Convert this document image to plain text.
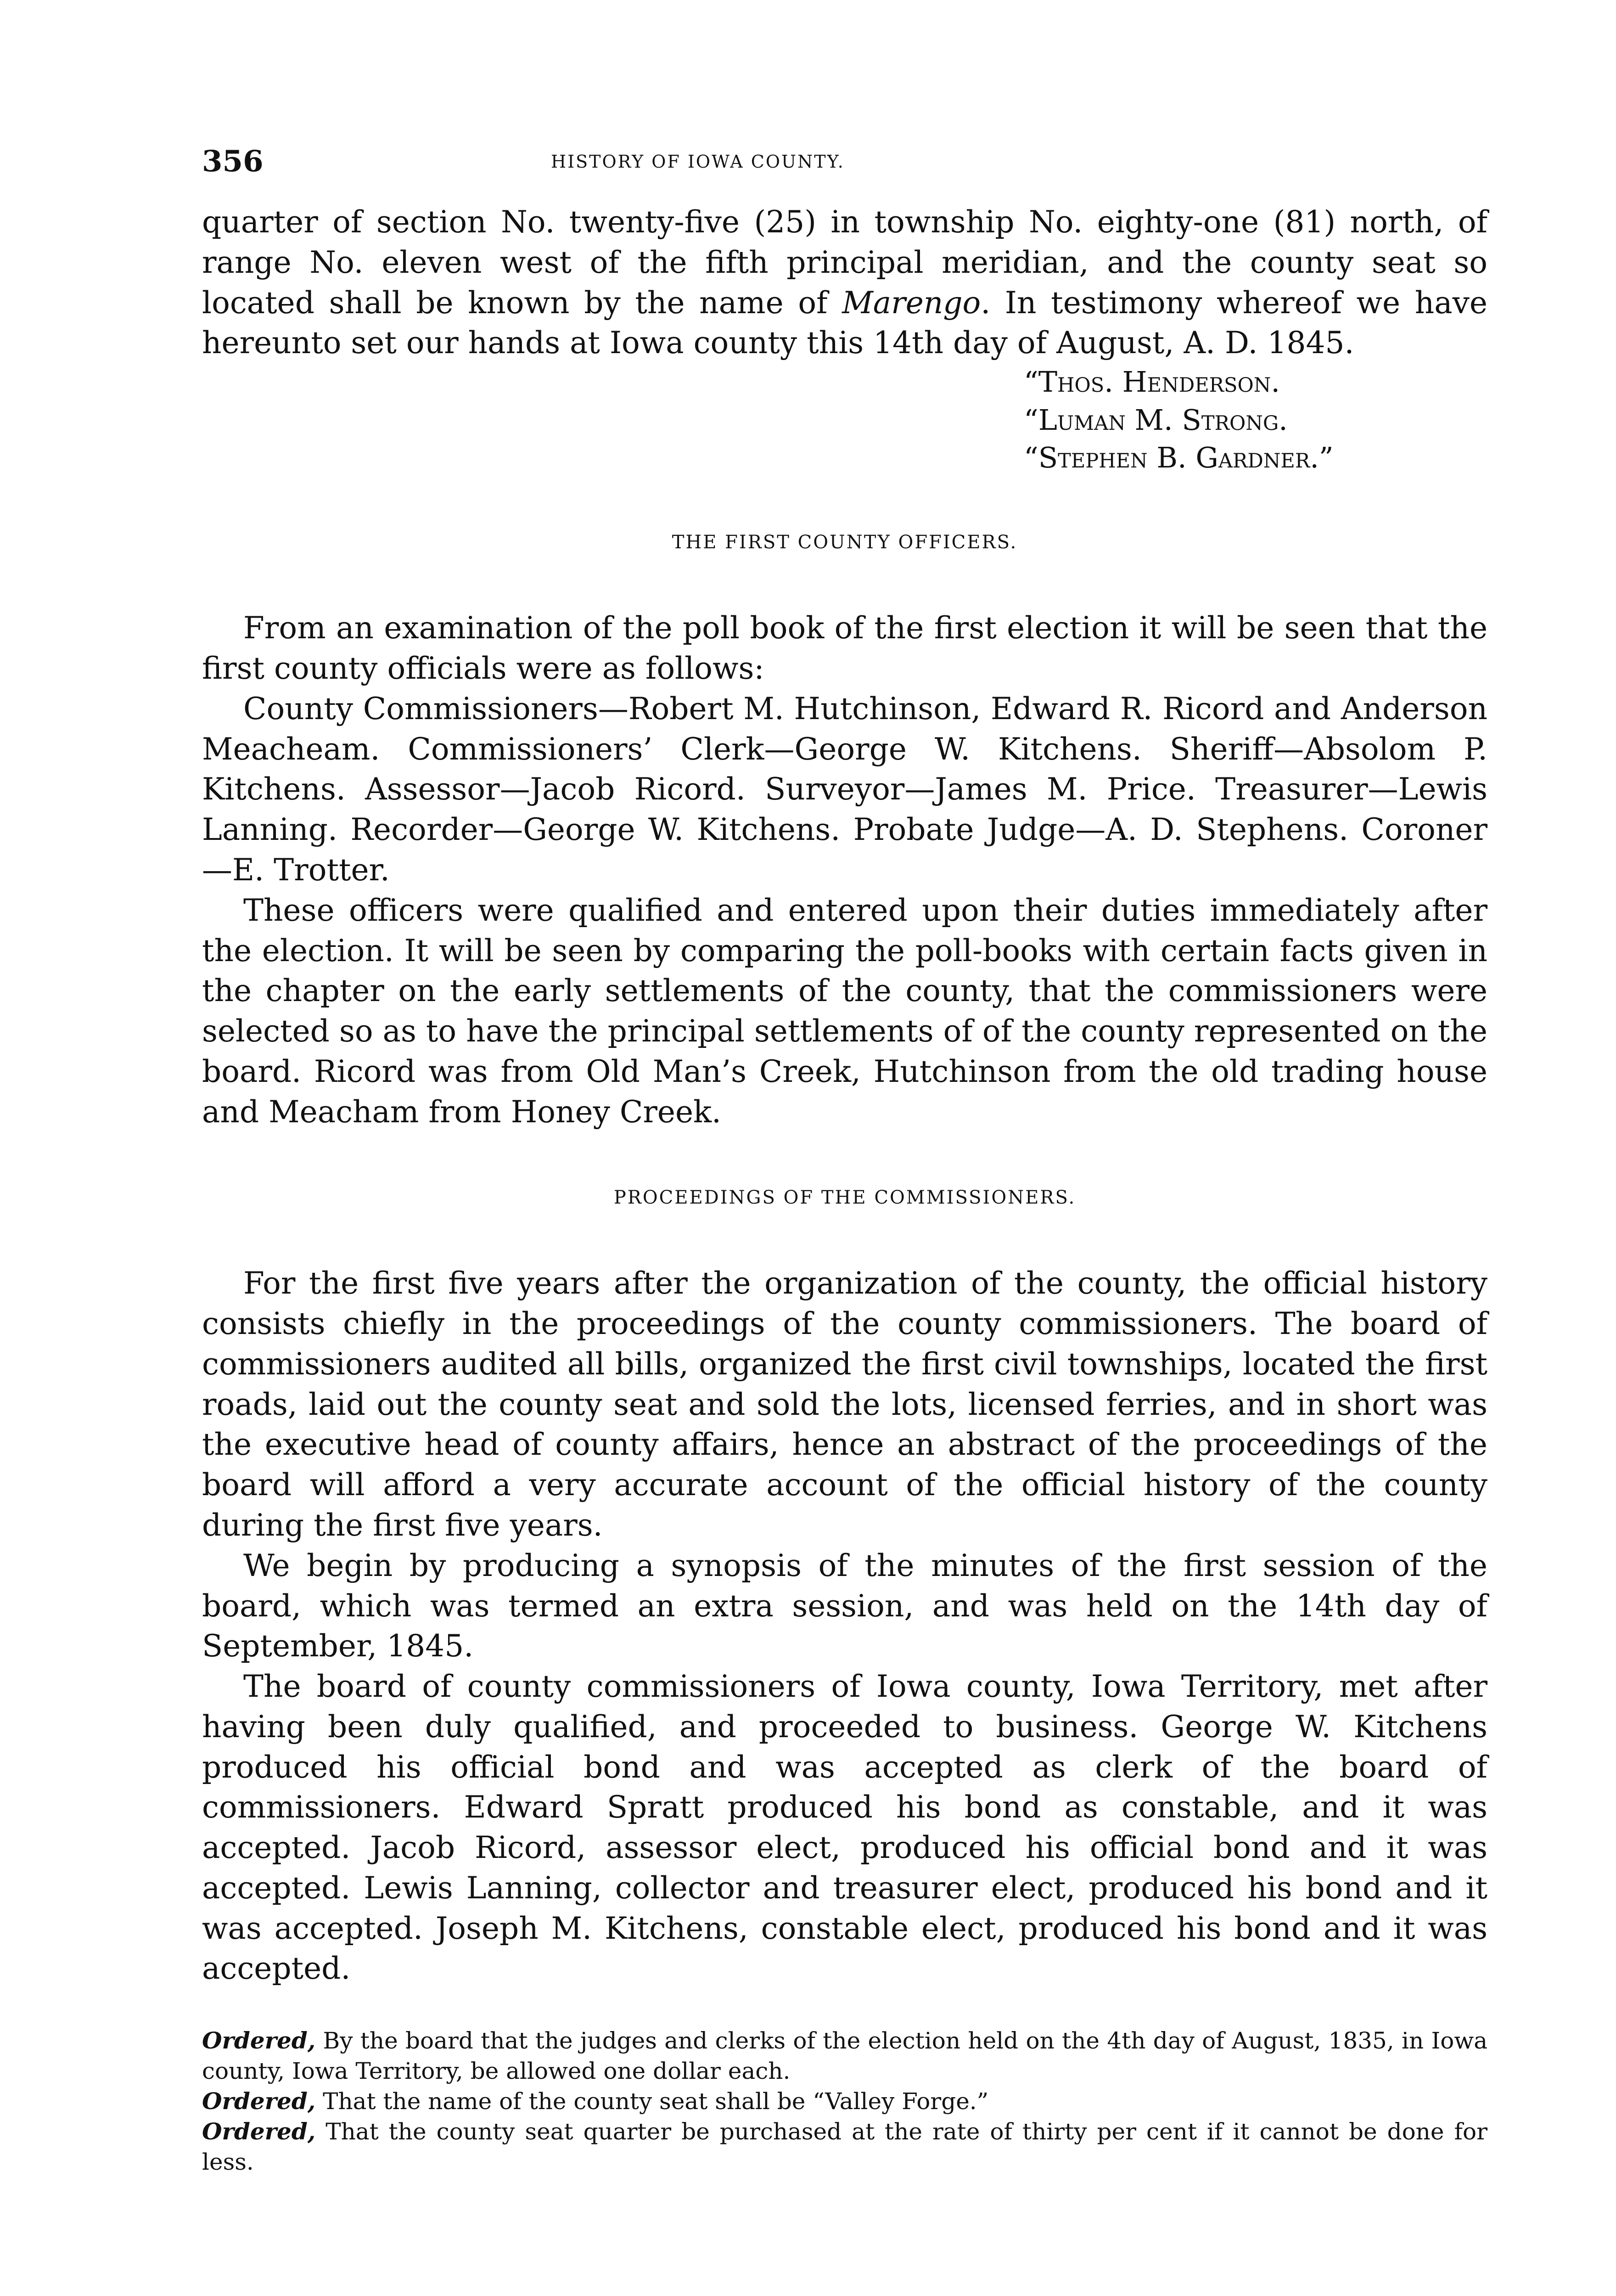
356	HISTORY OF IOWA COUNTY.

quarter of section No. twenty-five (25) in township No. eighty-one (81) north, of range No. eleven west of the fifth principal meridian, and the county seat so located shall be known by the name of Marengo. In testimony whereof we have hereunto set our hands at Iowa county this 14th day of August, A. D. 1845.

“Thos. Henderson.
“Luman M. Strong.
“Stephen B. Gardner.”
THE FIRST COUNTY OFFICERS.

From an examination of the poll book of the first election it will be seen that the first county officials were as follows:

County Commissioners—Robert M. Hutchinson, Edward R. Ricord and Anderson Meacheam. Commissioners’ Clerk—George W. Kitchens. Sheriff—Absolom P. Kitchens. Assessor—Jacob Ricord. Surveyor—James M. Price. Treasurer—Lewis Lanning. Recorder—George W. Kitchens. Probate Judge—A. D. Stephens. Coroner—E. Trotter.

These officers were qualified and entered upon their duties immediately after the election. It will be seen by comparing the poll-books with certain facts given in the chapter on the early settlements of the county, that the commissioners were selected so as to have the principal settlements of of the county represented on the board. Ricord was from Old Man’s Creek, Hutchinson from the old trading house and Meacham from Honey Creek.

PROCEEDINGS OF THE COMMISSIONERS.

For the first five years after the organization of the county, the official history consists chiefly in the proceedings of the county commissioners. The board of commissioners audited all bills, organized the first civil townships, located the first roads, laid out the county seat and sold the lots, licensed ferries, and in short was the executive head of county affairs, hence an abstract of the proceedings of the board will afford a very accurate account of the official history of the county during the first five years.

We begin by producing a synopsis of the minutes of the first session of the board, which was termed an extra session, and was held on the 14th day of September, 1845.

The board of county commissioners of Iowa county, Iowa Territory, met after having been duly qualified, and proceeded to business. George W. Kitchens produced his official bond and was accepted as clerk of the board of commissioners. Edward Spratt produced his bond as constable, and it was accepted. Jacob Ricord, assessor elect, produced his official bond and it was accepted. Lewis Lanning, collector and treasurer elect, produced his bond and it was accepted. Joseph M. Kitchens, constable elect, produced his bond and it was accepted.

Ordered, By the board that the judges and clerks of the election held on the 4th day of August, 1835, in Iowa county, Iowa Territory, be allowed one dollar each.

Ordered, That the name of the county seat shall be “Valley Forge.”

Ordered, That the county seat quarter be purchased at the rate of thirty per cent if it cannot be done for less.
